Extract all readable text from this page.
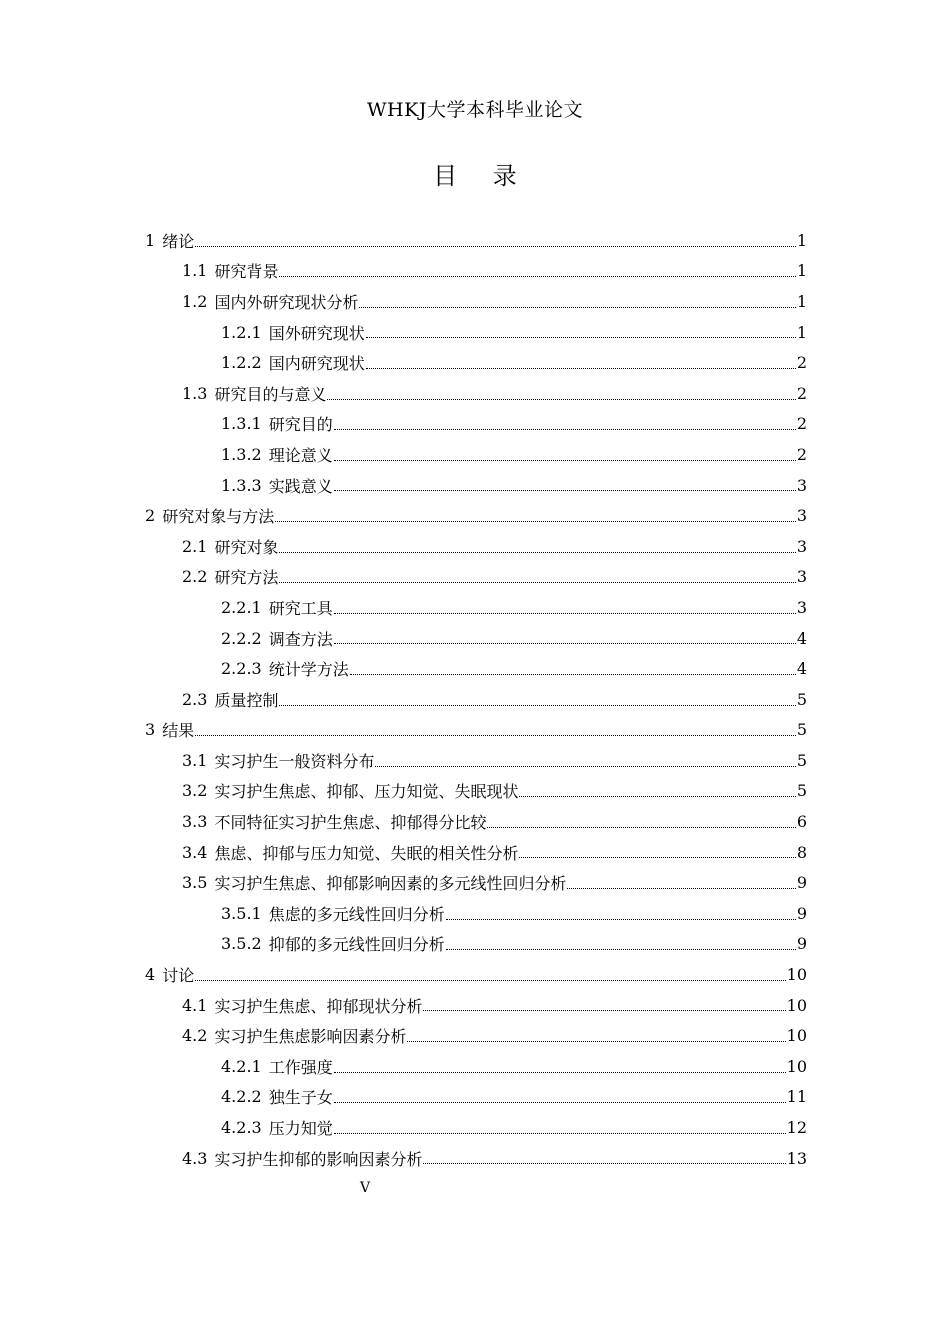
WHKJ大学本科毕业论文
目 录
1 绪论	1
1.1 研究背景	1
1.2 国内外研究现状分析	1
1.2.1 国外研究现状	1
1.2.2 国内研究现状	2
1.3 研究目的与意义	2
1.3.1 研究目的	2
1.3.2 理论意义	2
1.3.3 实践意义	3
2 研究对象与方法	3
2.1 研究对象	3
2.2 研究方法	3
2.2.1 研究工具	3
2.2.2 调查方法	4
2.2.3 统计学方法	4
2.3 质量控制	5
3 结果	5
3.1 实习护生一般资料分布	5
3.2 实习护生焦虑、抑郁、压力知觉、失眠现状	5
3.3 不同特征实习护生焦虑、抑郁得分比较	6
3.4 焦虑、抑郁与压力知觉、失眠的相关性分析	8
3.5 实习护生焦虑、抑郁影响因素的多元线性回归分析	9
3.5.1 焦虑的多元线性回归分析	9
3.5.2 抑郁的多元线性回归分析	9
4 讨论	10
4.1 实习护生焦虑、抑郁现状分析	10
4.2 实习护生焦虑影响因素分析	10
4.2.1 工作强度	10
4.2.2 独生子女	11
4.2.3 压力知觉	12
4.3 实习护生抑郁的影响因素分析	13
V
